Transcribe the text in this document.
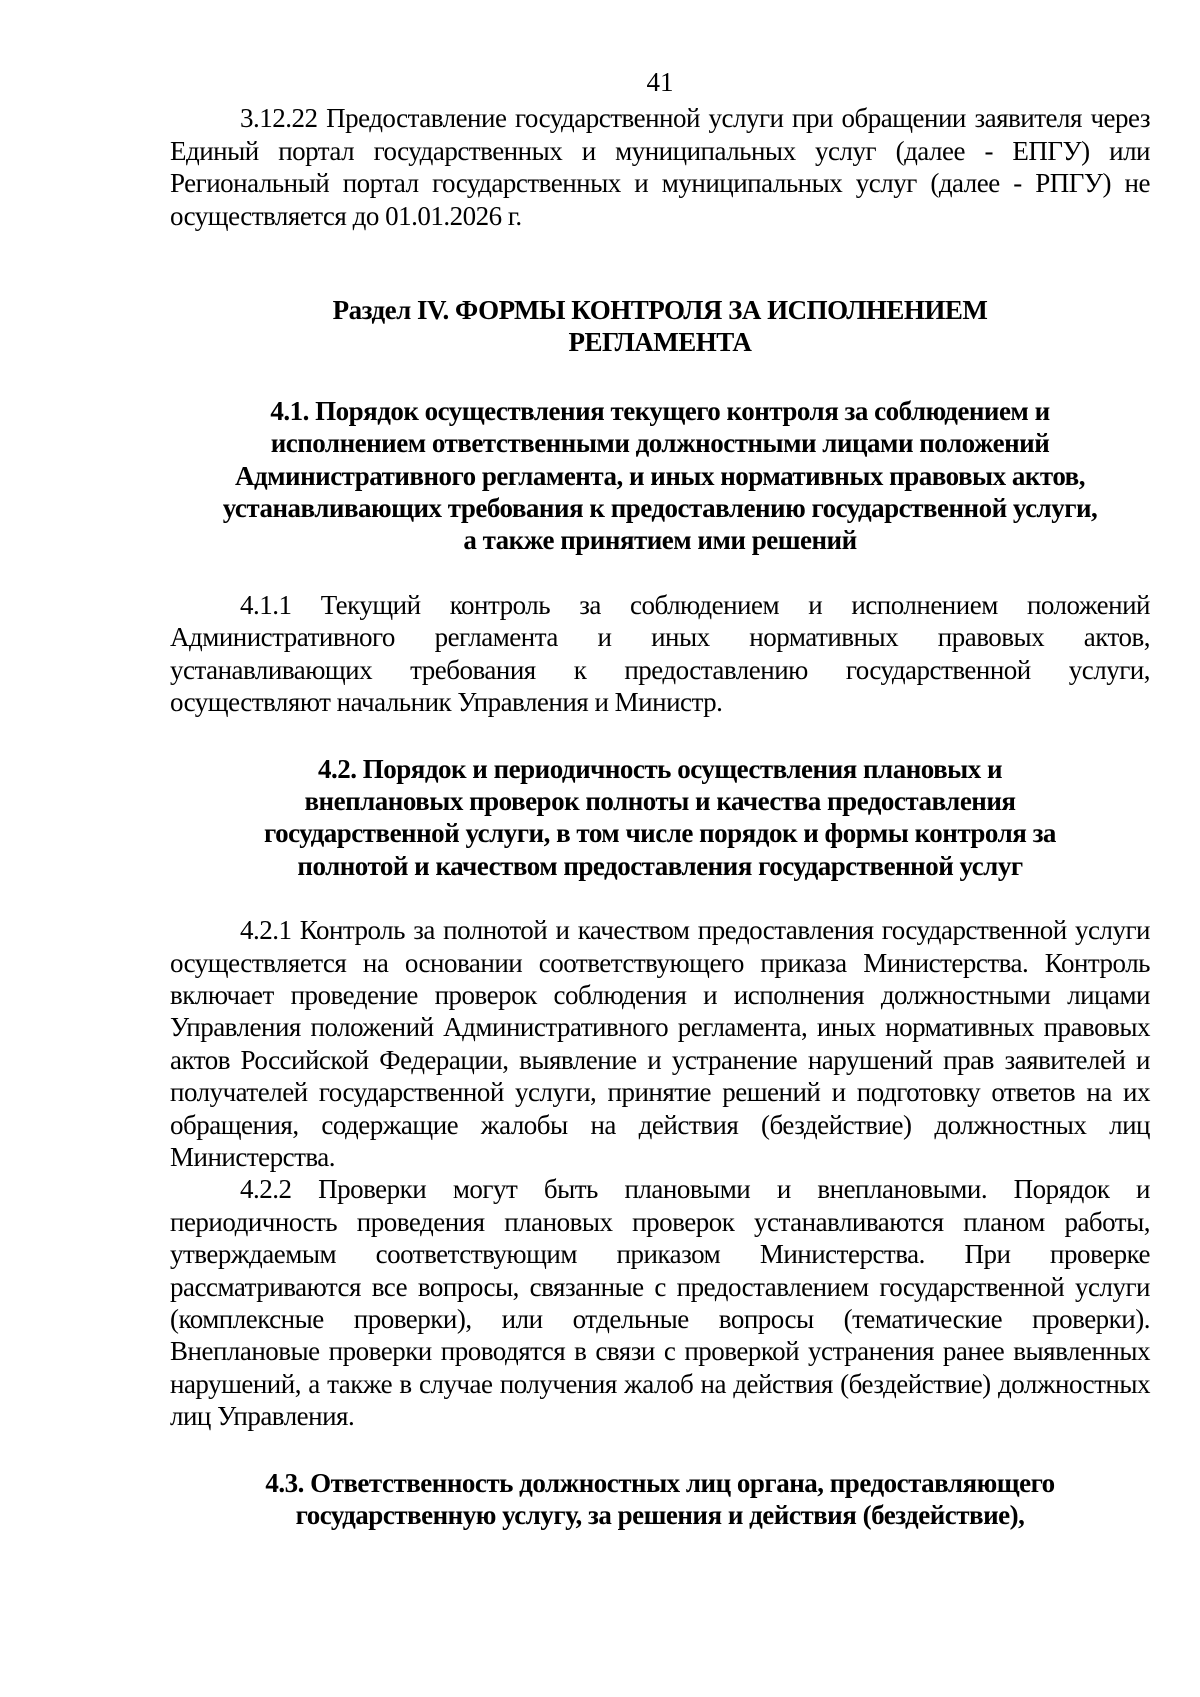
41

3.12.22 Предоставление государственной услуги при обращении заявителя через Единый портал государственных и муниципальных услуг (далее - ЕПГУ) или Региональный портал государственных и муниципальных услуг (далее - РПГУ) не осуществляется до 01.01.2026 г.

Раздел IV. ФОРМЫ КОНТРОЛЯ ЗА ИСПОЛНЕНИЕМ
РЕГЛАМЕНТА
4.1. Порядок осуществления текущего контроля за соблюдением и
исполнением ответственными должностными лицами положений
Административного регламента, и иных нормативных правовых актов,
устанавливающих требования к предоставлению государственной услуги,
а также принятием ими решений

4.1.1 Текущий контроль за соблюдением и исполнением положений Административного регламента и иных нормативных правовых актов, устанавливающих требования к предоставлению государственной услуги, осуществляют начальник Управления и Министр.

4.2. Порядок и периодичность осуществления плановых и
внеплановых проверок полноты и качества предоставления
государственной услуги, в том числе порядок и формы контроля за
полнотой и качеством предоставления государственной услуг

4.2.1 Контроль за полнотой и качеством предоставления государственной услуги осуществляется на основании соответствующего приказа Министерства. Контроль включает проведение проверок соблюдения и исполнения должностными лицами Управления положений Административного регламента, иных нормативных правовых актов Российской Федерации, выявление и устранение нарушений прав заявителей и получателей государственной услуги, принятие решений и подготовку ответов на их обращения, содержащие жалобы на действия (бездействие) должностных лиц Министерства.

4.2.2 Проверки могут быть плановыми и внеплановыми. Порядок и периодичность проведения плановых проверок устанавливаются планом работы, утверждаемым соответствующим приказом Министерства. При проверке рассматриваются все вопросы, связанные с предоставлением государственной услуги (комплексные проверки), или отдельные вопросы (тематические проверки). Внеплановые проверки проводятся в связи с проверкой устранения ранее выявленных нарушений, а также в случае получения жалоб на действия (бездействие) должностных лиц Управления.

4.3. Ответственность должностных лиц органа, предоставляющего
государственную услугу, за решения и действия (бездействие),
